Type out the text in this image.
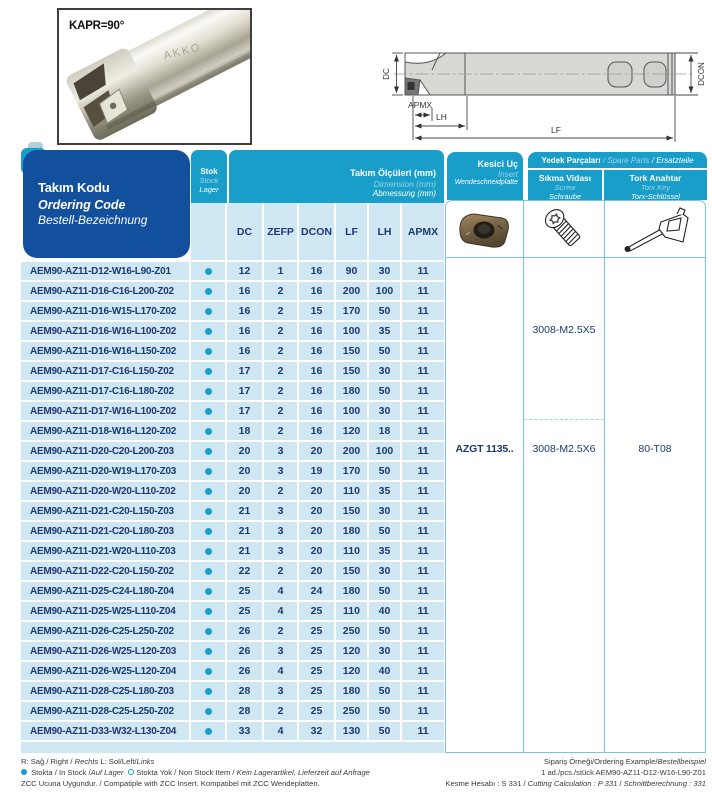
KAPR=90°
AKKO
DC	DCON
APMX
LH
LF
Takım Kodu
Ordering Code
Bestell-Bezeichnung
Stok
Stock
Lager
Takım Ölçüleri (mm)
Dimension (mm)
Abmessung (mm)
Kesici Uç
Insert
Wendeschneidplatte
Yedek Parçaları / Spare Parts / Ersatzteile
Sıkma Vidası
Screw
Schraube
Tork Anahtar
Torx Key
Torx-Schlüssel
DC	ZEFP DCON	LF	LH	APMX
AEM90-AZ11-D12-W16-L90-Z01	12	1	16	90	30	11
AEM90-AZ11-D16-C16-L200-Z02	16	2	16	200	100	11
AEM90-AZ11-D16-W15-L170-Z02	16	2	15	170	50	11
AEM90-AZ11-D16-W16-L100-Z02	16	2	16	100	35	11
AEM90-AZ11-D16-W16-L150-Z02	16	2	16	150	50	11
AEM90-AZ11-D17-C16-L150-Z02	17	2	16	150	30	11
AEM90-AZ11-D17-C16-L180-Z02	17	2	16	180	50	11
AEM90-AZ11-D17-W16-L100-Z02	17	2	16	100	30	11
AEM90-AZ11-D18-W16-L120-Z02	18	2	16	120	18	11
AEM90-AZ11-D20-C20-L200-Z03	20	3	20	200	100	11
AEM90-AZ11-D20-W19-L170-Z03	20	3	19	170	50	11
AEM90-AZ11-D20-W20-L110-Z02	20	2	20	110	35	11
AEM90-AZ11-D21-C20-L150-Z03	21	3	20	150	30	11
AEM90-AZ11-D21-C20-L180-Z03	21	3	20	180	50	11
AEM90-AZ11-D21-W20-L110-Z03	21	3	20	110	35	11
AEM90-AZ11-D22-C20-L150-Z02	22	2	20	150	30	11
AEM90-AZ11-D25-C24-L180-Z04	25	4	24	180	50	11
AEM90-AZ11-D25-W25-L110-Z04	25	4	25	110	40	11
AEM90-AZ11-D26-C25-L250-Z02	26	2	25	250	50	11
AEM90-AZ11-D26-W25-L120-Z03	26	3	25	120	30	11
AEM90-AZ11-D26-W25-L120-Z04	26	4	25	120	40	11
AEM90-AZ11-D28-C25-L180-Z03	28	3	25	180	50	11
AEM90-AZ11-D28-C25-L250-Z02	28	2	25	250	50	11
AEM90-AZ11-D33-W32-L130-Z04	33	4	32	130	50	11
AZGT 1135..
3008-M2.5X5
3008-M2.5X6	80-T08
R: Sağ / Right / Rechts L: Sol/Left/Links
Stokta / In Stock /Auf Lager Stokta Yok / Non Stock Item / Kein Lagerartikel, Lieferzeit auf Anfrage
ZCC Ucuna Uygundur. / Compatiple with ZCC Insert. Kompatibel mit ZCC Wendeplatten.
Sipariş Örneği/Ordering Example/Bestellbeispiel
1 ad./pcs./stück AEM90-AZ11-D12-W16-L90-Z01
Kesme Hesabı : S 331 / Cutting Calculation : P 331 / Schnittberechnung : 331
